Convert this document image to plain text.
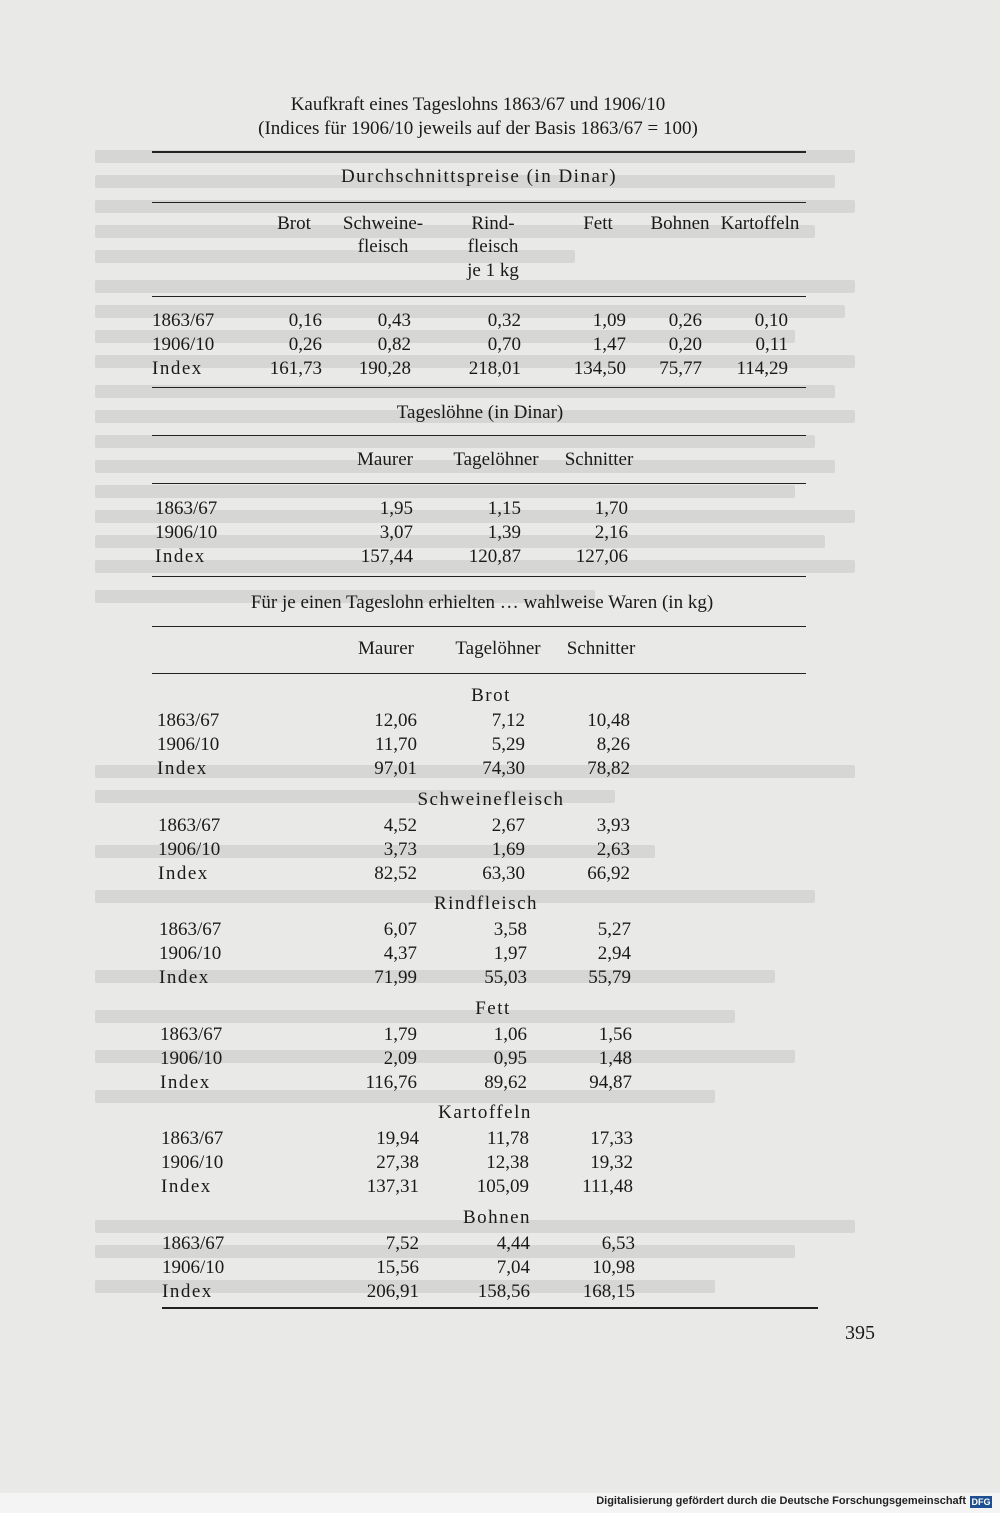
Kaufkraft eines Tageslohns 1863/67 und 1906/10
(Indices für 1906/10 jeweils auf der Basis 1863/67 = 100)
Durchschnittspreise (in Dinar)
Brot Schweine-
fleisch
Rind-
fleisch
je 1 kg
Fett Bohnen Kartoffeln
1863/67	0,16	0,43	0,32	1,09 0,26	0,10
1906/10	0,26	0,82	0,70	1,47 0,20	0,11
Index	161,73 190,28	218,01	134,50 75,77 114,29
Tageslöhne (in Dinar)
Maurer Tagelöhner Schnitter
1863/67	1,95	1,15	1,70
1906/10	3,07	1,39	2,16
Index	157,44	120,87	127,06
Für je einen Tageslohn erhielten … wahlweise Waren (in kg)
Maurer Tagelöhner Schnitter
Brot
1863/67	12,06	7,12	10,48
1906/10	11,70	5,29	8,26
Index	97,01	74,30	78,82
Schweinefleisch
1863/67	4,52	2,67	3,93
1906/10	3,73	1,69	2,63
Index	82,52	63,30	66,92
Rindfleisch
1863/67	6,07	3,58	5,27
1906/10	4,37	1,97	2,94
Index	71,99	55,03	55,79
Fett
1863/67	1,79	1,06	1,56
1906/10	2,09	0,95	1,48
Index	116,76	89,62	94,87
Kartoffeln
1863/67	19,94	11,78	17,33
1906/10	27,38	12,38	19,32
Index	137,31	105,09	111,48
Bohnen
1863/67	7,52	4,44	6,53
1906/10	15,56	7,04	10,98
Index	206,91	158,56	168,15
395
Digitalisierung gefördert durch die Deutsche Forschungsgemeinschaft DFG
